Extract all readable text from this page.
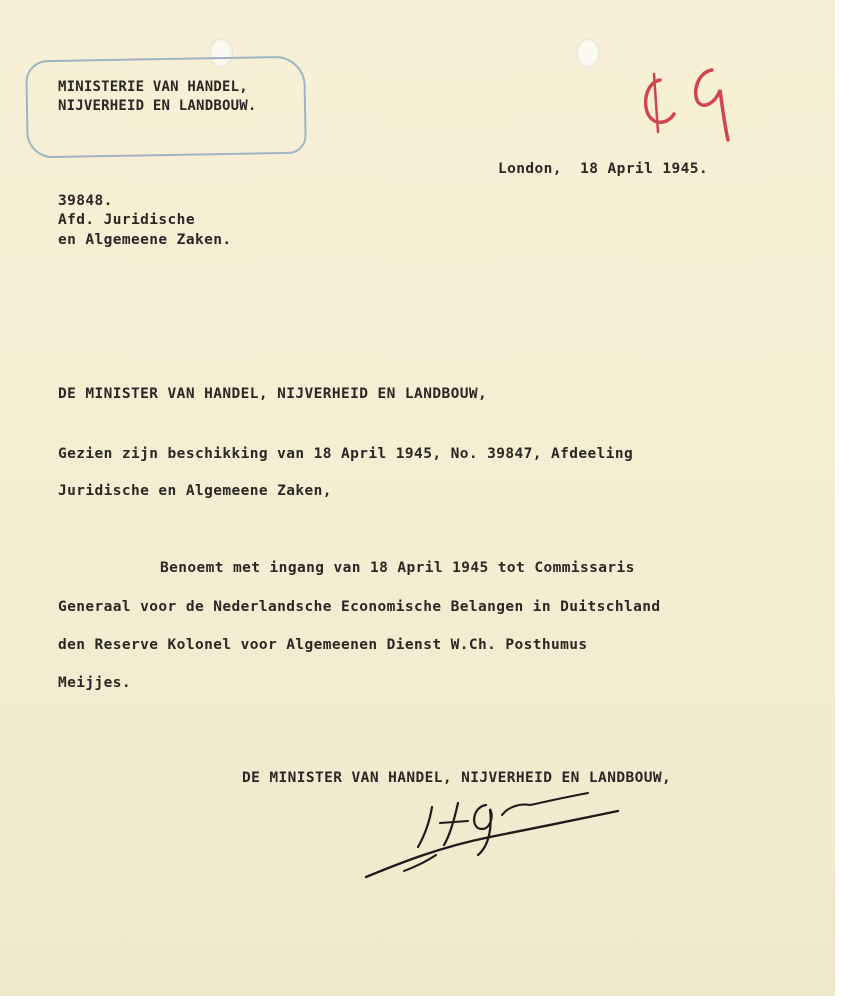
MINISTERIE VAN HANDEL,
NIJVERHEID EN LANDBOUW.
London,  18 April 1945.
39848.
Afd. Juridische
en Algemeene Zaken.
DE MINISTER VAN HANDEL, NIJVERHEID EN LANDBOUW,
Gezien zijn beschikking van 18 April 1945, No. 39847, Afdeeling
Juridische en Algemeene Zaken,
Benoemt met ingang van 18 April 1945 tot Commissaris
Generaal voor de Nederlandsche Economische Belangen in Duitschland
den Reserve Kolonel voor Algemeenen Dienst W.Ch. Posthumus
Meijjes.
DE MINISTER VAN HANDEL, NIJVERHEID EN LANDBOUW,
